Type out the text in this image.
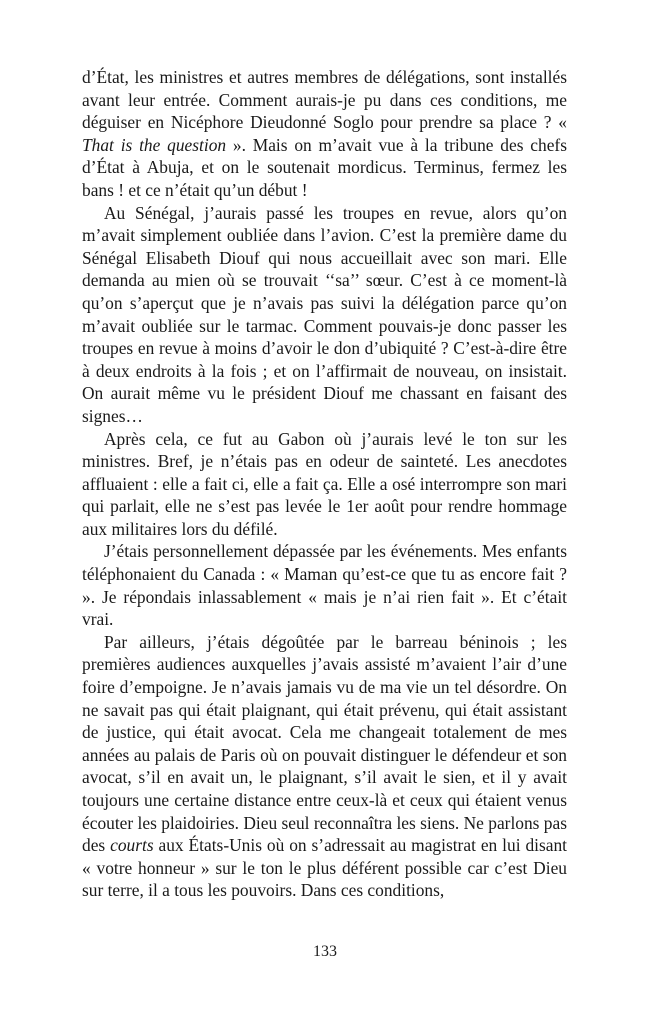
d’État, les ministres et autres membres de délégations, sont installés avant leur entrée. Comment aurais-je pu dans ces conditions, me déguiser en Nicéphore Dieudonné Soglo pour prendre sa place ? « That is the question ». Mais on m’avait vue à la tribune des chefs d’État à Abuja, et on le soutenait mordicus. Terminus, fermez les bans ! et ce n’était qu’un début !

Au Sénégal, j’aurais passé les troupes en revue, alors qu’on m’avait simplement oubliée dans l’avion. C’est la première dame du Sénégal Elisabeth Diouf qui nous accueillait avec son mari. Elle demanda au mien où se trouvait ‘‘sa’’ sœur. C’est à ce moment-là qu’on s’aperçut que je n’avais pas suivi la délégation parce qu’on m’avait oubliée sur le tarmac. Comment pouvais-je donc passer les troupes en revue à moins d’avoir le don d’ubiquité ? C’est-à-dire être à deux endroits à la fois ; et on l’affirmait de nouveau, on insistait. On aurait même vu le président Diouf me chassant en faisant des signes…

Après cela, ce fut au Gabon où j’aurais levé le ton sur les ministres. Bref, je n’étais pas en odeur de sainteté. Les anecdotes affluaient : elle a fait ci, elle a fait ça. Elle a osé interrompre son mari qui parlait, elle ne s’est pas levée le 1er août pour rendre hommage aux militaires lors du défilé.

J’étais personnellement dépassée par les événements. Mes enfants téléphonaient du Canada : « Maman qu’est-ce que tu as encore fait ? ». Je répondais inlassablement « mais je n’ai rien fait ». Et c’était vrai.

Par ailleurs, j’étais dégoûtée par le barreau béninois ; les premières audiences auxquelles j’avais assisté m’avaient l’air d’une foire d’empoigne. Je n’avais jamais vu de ma vie un tel désordre. On ne savait pas qui était plaignant, qui était prévenu, qui était assistant de justice, qui était avocat. Cela me changeait totalement de mes années au palais de Paris où on pouvait distinguer le défendeur et son avocat, s’il en avait un, le plaignant, s’il avait le sien, et il y avait toujours une certaine distance entre ceux-là et ceux qui étaient venus écouter les plaidoiries. Dieu seul reconnaîtra les siens. Ne parlons pas des courts aux États-Unis où on s’adressait au magistrat en lui disant « votre honneur » sur le ton le plus déférent possible car c’est Dieu sur terre, il a tous les pouvoirs. Dans ces conditions,

133
